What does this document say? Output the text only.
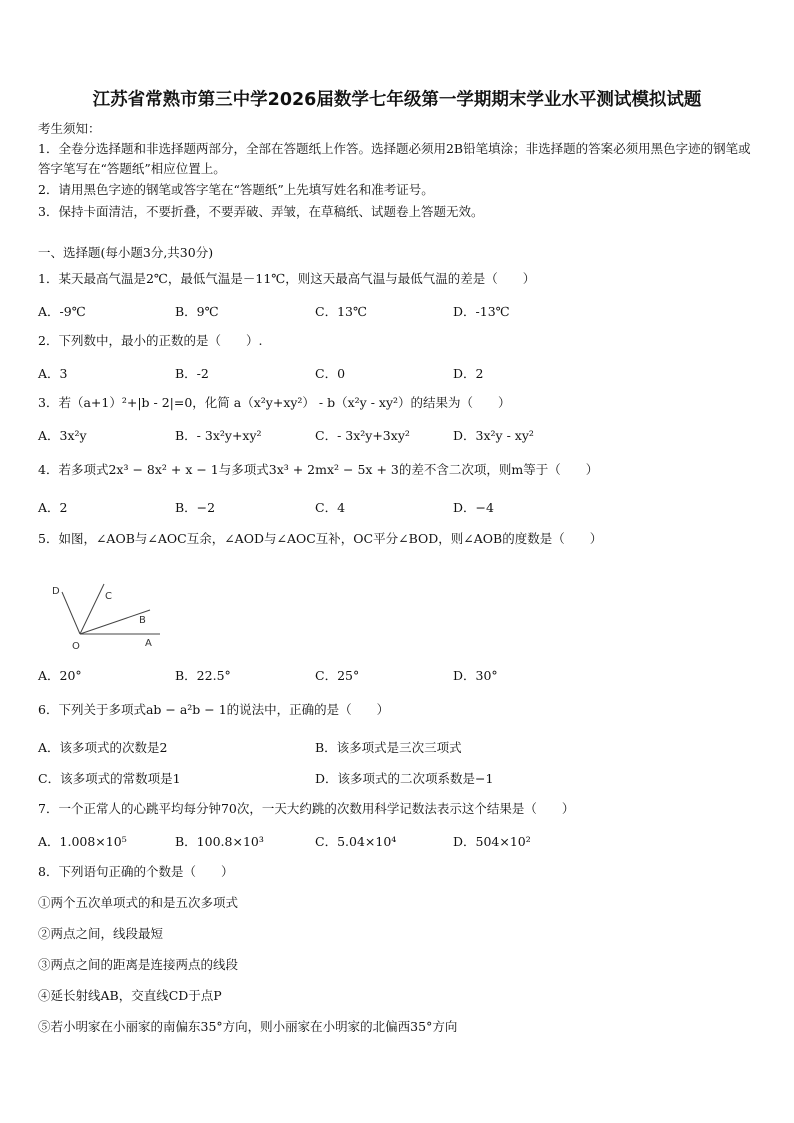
江苏省常熟市第三中学2026届数学七年级第一学期期末学业水平测试模拟试题
考生须知：
1．全卷分选择题和非选择题两部分，全部在答题纸上作答。选择题必须用2B铅笔填涂；非选择题的答案必须用黑色字迹的钢笔或答字笔写在“答题纸”相应位置上。
2．请用黑色字迹的钢笔或答字笔在“答题纸”上先填写姓名和准考证号。
3．保持卡面清洁，不要折叠，不要弄破、弄皱，在草稿纸、试题卷上答题无效。
一、选择题(每小题3分,共30分)
1．某天最高气温是2℃，最低气温是－11℃，则这天最高气温与最低气温的差是（　　）
A．-9℃	B．9℃	C．13℃	D．-13℃
2．下列数中，最小的正数的是（　　）.
A．3	B．-2	C．0	D．2
3．若（a+1）²+|b - 2|=0，化简 a（x²y+xy²） - b（x²y - xy²）的结果为（　　）
A．3x²y	B．- 3x²y+xy²	C．- 3x²y+3xy²	D．3x²y - xy²
4．若多项式2x³ − 8x² + x − 1与多项式3x³ + 2mx² − 5x + 3的差不含二次项，则m等于（　　）
A．2	B．−2	C．4	D．−4
5．如图，∠AOB与∠AOC互余，∠AOD与∠AOC互补，OC平分∠BOD，则∠AOB的度数是（　　）
D	C
B
A
O
A．20°	B．22.5°	C．25°	D．30°
6．下列关于多项式ab − a²b − 1的说法中，正确的是（　　）
A．该多项式的次数是2	B．该多项式是三次三项式
C．该多项式的常数项是1	D．该多项式的二次项系数是−1
7．一个正常人的心跳平均每分钟70次，一天大约跳的次数用科学记数法表示这个结果是（　　）
A．1.008×10⁵	B．100.8×10³	C．5.04×10⁴	D．504×10²
8．下列语句正确的个数是（　　）
①两个五次单项式的和是五次多项式
②两点之间，线段最短
③两点之间的距离是连接两点的线段
④延长射线AB，交直线CD于点P
⑤若小明家在小丽家的南偏东35°方向，则小丽家在小明家的北偏西35°方向
